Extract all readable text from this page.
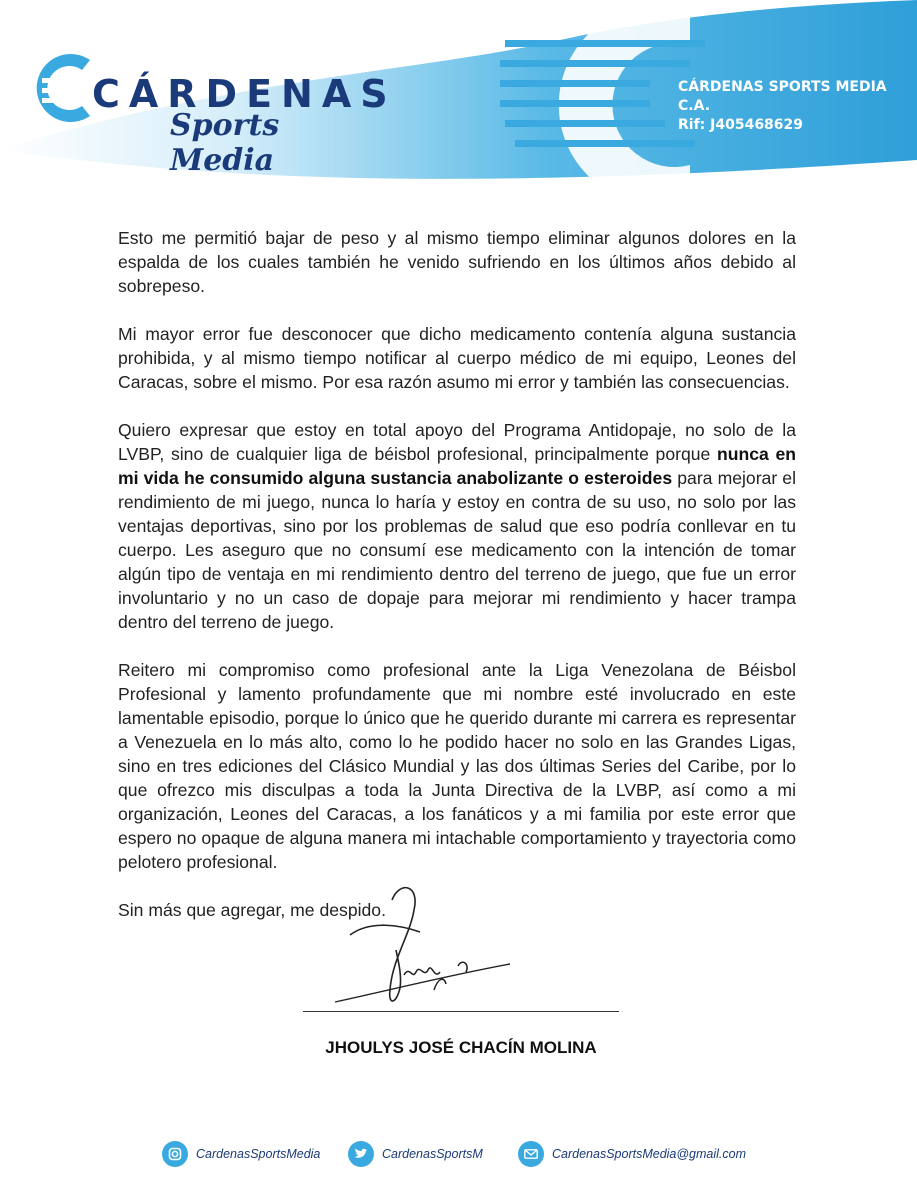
CÁRDENAS
Sports Media
CÁRDENAS SPORTS MEDIA C.A.
Rif: J405468629

Esto me permitió bajar de peso y al mismo tiempo eliminar algunos dolores en la espalda de los cuales también he venido sufriendo en los últimos años debido al sobrepeso.

Mi mayor error fue desconocer que dicho medicamento contenía alguna sustancia prohibida, y al mismo tiempo notificar al cuerpo médico de mi equipo, Leones del Caracas, sobre el mismo. Por esa razón asumo mi error y también las consecuencias.

Quiero expresar que estoy en total apoyo del Programa Antidopaje, no solo de la LVBP, sino de cualquier liga de béisbol profesional, principalmente porque nunca en mi vida he consumido alguna sustancia anabolizante o esteroides para mejorar el rendimiento de mi juego, nunca lo haría y estoy en contra de su uso, no solo por las ventajas deportivas, sino por los problemas de salud que eso podría conllevar en tu cuerpo. Les aseguro que no consumí ese medicamento con la intención de tomar algún tipo de ventaja en mi rendimiento dentro del terreno de juego, que fue un error involuntario y no un caso de dopaje para mejorar mi rendimiento y hacer trampa dentro del terreno de juego.

Reitero mi compromiso como profesional ante la Liga Venezolana de Béisbol Profesional y lamento profundamente que mi nombre esté involucrado en este lamentable episodio, porque lo único que he querido durante mi carrera es representar a Venezuela en lo más alto, como lo he podido hacer no solo en las Grandes Ligas, sino en tres ediciones del Clásico Mundial y las dos últimas Series del Caribe, por lo que ofrezco mis disculpas a toda la Junta Directiva de la LVBP, así como a mi organización, Leones del Caracas, a los fanáticos y a mi familia por este error que espero no opaque de alguna manera mi intachable comportamiento y trayectoria como pelotero profesional.

Sin más que agregar, me despido.

JHOULYS JOSÉ CHACÍN MOLINA
CardenasSportsMedia	CardenasSportsM	CardenasSportsMedia@gmail.com
